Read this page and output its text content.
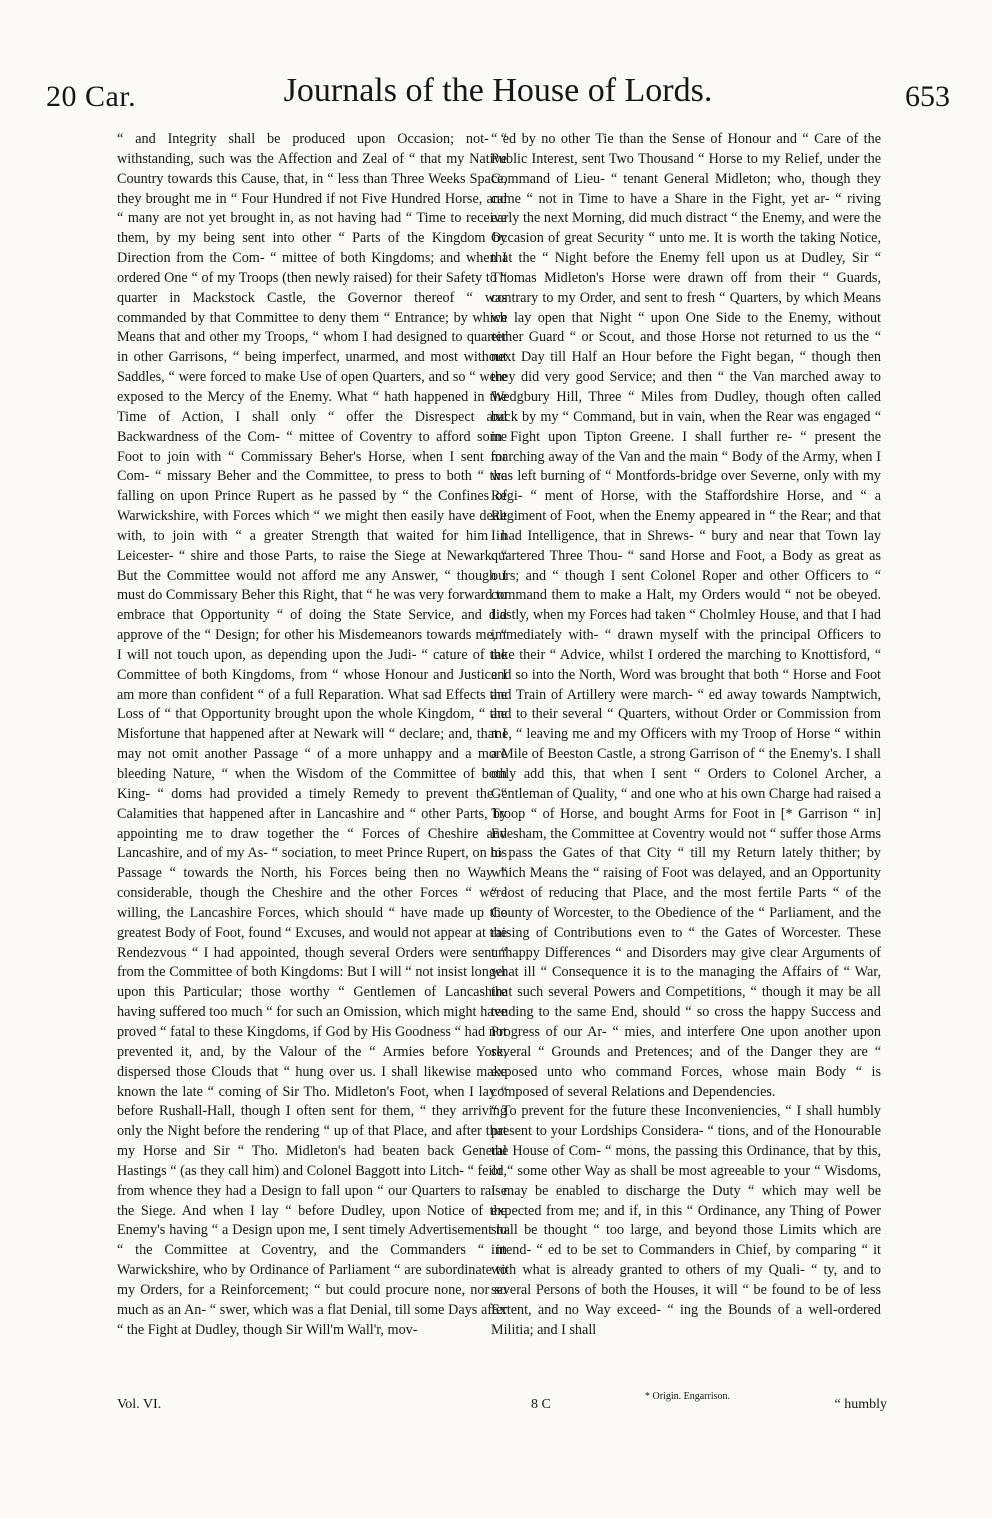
20 Car.	Journals of the House of Lords.	653

“ and Integrity shall be produced upon Occasion; not- “ withstanding, such was the Affection and Zeal of “ that my Native Country towards this Cause, that, in “ less than Three Weeks Space, they brought me in “ Four Hundred if not Five Hundred Horse, and “ many are not yet brought in, as not having had “ Time to receive them, by my being sent into other “ Parts of the Kingdom by Direction from the Com- “ mittee of both Kingdoms; and when I ordered One “ of my Troops (then newly raised) for their Safety to “ quarter in Mackstock Castle, the Governor thereof “ was commanded by that Committee to deny them “ Entrance; by which Means that and other my Troops, “ whom I had designed to quarter in other Garrisons, “ being imperfect, unarmed, and most without Saddles, “ were forced to make Use of open Quarters, and so “ were exposed to the Mercy of the Enemy. What “ hath happened in the Time of Action, I shall only “ offer the Disrespect and Backwardness of the Com- “ mittee of Coventry to afford some Foot to join with “ Commissary Beher's Horse, when I sent for Com- “ missary Beher and the Committee, to press to both “ the falling on upon Prince Rupert as he passed by “ the Confines of Warwickshire, with Forces which “ we might then easily have dealt with, to join with “ a greater Strength that waited for him in Leicester- “ shire and those Parts, to raise the Siege at Newark. “ But the Committee would not afford me any Answer, “ though I must do Commissary Beher this Right, that “ he was very forward to embrace that Opportunity “ of doing the State Service, and did approve of the “ Design; for other his Misdemeanors towards me, “ I will not touch upon, as depending upon the Judi- “ cature of the Committee of both Kingdoms, from “ whose Honour and Justice I am more than confident “ of a full Reparation. What sad Effects the Loss of “ that Opportunity brought upon the whole Kingdom, “ the Misfortune that happened after at Newark will “ declare; and, that I may not omit another Passage “ of a more unhappy and a more bleeding Nature, “ when the Wisdom of the Committee of both King- “ doms had provided a timely Remedy to prevent the “ Calamities that happened after in Lancashire and “ other Parts, by appointing me to draw together the “ Forces of Cheshire and Lancashire, and of my As- “ sociation, to meet Prince Rupert, on his Passage “ towards the North, his Forces being then no Way “ considerable, though the Cheshire and the other Forces “ were willing, the Lancashire Forces, which should “ have made up the greatest Body of Foot, found “ Excuses, and would not appear at the Rendezvous “ I had appointed, though several Orders were sent “ from the Committee of both Kingdoms: But I will “ not insist longer upon this Particular; those worthy “ Gentlemen of Lancashire having suffered too much “ for such an Omission, which might have proved “ fatal to these Kingdoms, if God by His Goodness “ had not prevented it, and, by the Valour of the “ Armies before York, dispersed those Clouds that “ hung over us. I shall likewise make known the late “ coming of Sir Tho. Midleton's Foot, when I lay “ before Rushall-Hall, though I often sent for them, “ they arriving only the Night before the rendering “ up of that Place, and after that my Horse and Sir “ Tho. Midleton's had beaten back General Hastings “ (as they call him) and Colonel Baggott into Litch- “ feild, from whence they had a Design to fall upon “ our Quarters to raise the Siege. And when I lay “ before Dudley, upon Notice of the Enemy's having “ a Design upon me, I sent timely Advertisement to “ the Committee at Coventry, and the Commanders “ in Warwickshire, who by Ordinance of Parliament “ are subordinate to my Orders, for a Reinforcement; “ but could procure none, nor so much as an An- “ swer, which was a flat Denial, till some Days after “ the Fight at Dudley, though Sir Will'm Wall'r, mov-

“ ed by no other Tie than the Sense of Honour and “ Care of the Public Interest, sent Two Thousand “ Horse to my Relief, under the Command of Lieu- “ tenant General Midleton; who, though they came “ not in Time to have a Share in the Fight, yet ar- “ riving early the next Morning, did much distract “ the Enemy, and were the Occasion of great Security “ unto me. It is worth the taking Notice, that the “ Night before the Enemy fell upon us at Dudley, Sir “ Thomas Midleton's Horse were drawn off from their “ Guards, contrary to my Order, and sent to fresh “ Quarters, by which Means we lay open that Night “ upon One Side to the Enemy, without either Guard “ or Scout, and those Horse not returned to us the “ next Day till Half an Hour before the Fight began, “ though then they did very good Service; and then “ the Van marched away to Wedgbury Hill, Three “ Miles from Dudley, though often called back by my “ Command, but in vain, when the Rear was engaged “ in Fight upon Tipton Greene. I shall further re- “ present the marching away of the Van and the main “ Body of the Army, when I was left burning of “ Montfords-bridge over Severne, only with my Regi- “ ment of Horse, with the Staffordshire Horse, and “ a Regiment of Foot, when the Enemy appeared in “ the Rear; and that I had Intelligence, that in Shrews- “ bury and near that Town lay quartered Three Thou- “ sand Horse and Foot, a Body as great as ours; and “ though I sent Colonel Roper and other Officers to “ command them to make a Halt, my Orders would “ not be obeyed. Lastly, when my Forces had taken “ Cholmley House, and that I had immediately with- “ drawn myself with the principal Officers to take their “ Advice, whilst I ordered the marching to Knottisford, “ and so into the North, Word was brought that both “ Horse and Foot and Train of Artillery were march- “ ed away towards Namptwich, and to their several “ Quarters, without Order or Commission from me, “ leaving me and my Officers with my Troop of Horse “ within a Mile of Beeston Castle, a strong Garrison of “ the Enemy's. I shall only add this, that when I sent “ Orders to Colonel Archer, a Gentleman of Quality, “ and one who at his own Charge had raised a Troop “ of Horse, and bought Arms for Foot in [* Garrison “ in] Evesham, the Committee at Coventry would not “ suffer those Arms to pass the Gates of that City “ till my Return lately thither; by which Means the “ raising of Foot was delayed, and an Opportunity “ lost of reducing that Place, and the most fertile Parts “ of the County of Worcester, to the Obedience of the “ Parliament, and the raising of Contributions even to “ the Gates of Worcester. These unhappy Differences “ and Disorders may give clear Arguments of what ill “ Consequence it is to the managing the Affairs of “ War, that such several Powers and Competitions, “ though it may be all tending to the same End, should “ so cross the happy Success and Progress of our Ar- “ mies, and interfere One upon another upon several “ Grounds and Pretences; and of the Danger they are “ exposed unto who command Forces, whose main Body “ is composed of several Relations and Dependencies.

“ To prevent for the future these Inconveniencies, “ I shall humbly present to your Lordships Considera- “ tions, and of the Honourable the House of Com- “ mons, the passing this Ordinance, that by this, or “ some other Way as shall be most agreeable to your “ Wisdoms, I may be enabled to discharge the Duty “ which may well be expected from me; and if, in this “ Ordinance, any Thing of Power shall be thought “ too large, and beyond those Limits which are intend- “ ed to be set to Commanders in Chief, by comparing “ it with what is already granted to others of my Quali- “ ty, and to several Persons of both the Houses, it will “ be found to be of less Extent, and no Way exceed- “ ing the Bounds of a well-ordered Militia; and I shall

Vol. VI.	8 C
* Origin. Engarrison.
“ humbly
